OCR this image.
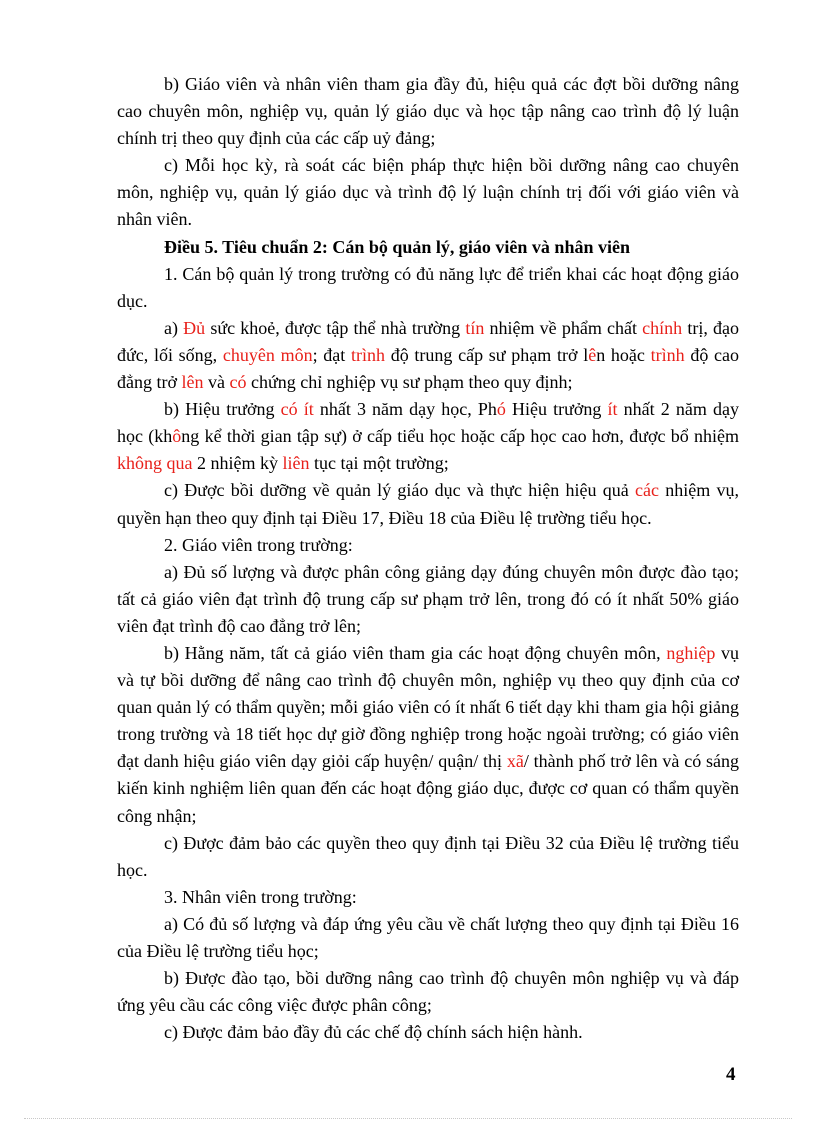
b) Giáo viên và nhân viên tham gia đầy đủ, hiệu quả các đợt bồi dưỡng nâng cao chuyên môn, nghiệp vụ, quản lý giáo dục và học tập nâng cao trình độ lý luận chính trị theo quy định của các cấp uỷ đảng;

c) Mỗi học kỳ, rà soát các biện pháp thực hiện bồi dưỡng nâng cao chuyên môn, nghiệp vụ, quản lý giáo dục và trình độ lý luận chính trị đối với giáo viên và nhân viên.

Điều 5. Tiêu chuẩn 2: Cán bộ quản lý, giáo viên và nhân viên

1. Cán bộ quản lý trong trường có đủ năng lực để triển khai các hoạt động giáo dục.

a) Đủ sức khoẻ, được tập thể nhà trường tín nhiệm về phẩm chất chính trị, đạo đức, lối sống, chuyên môn; đạt trình độ trung cấp sư phạm trở lên hoặc trình độ cao đẳng trở lên và có chứng chỉ nghiệp vụ sư phạm theo quy định;

b) Hiệu trưởng có ít nhất 3 năm dạy học, Phó Hiệu trưởng ít nhất 2 năm dạy học (không kể thời gian tập sự) ở cấp tiểu học hoặc cấp học cao hơn, được bổ nhiệm không qua 2 nhiệm kỳ liên tục tại một trường;

c) Được bồi dưỡng về quản lý giáo dục và thực hiện hiệu quả các nhiệm vụ, quyền hạn theo quy định tại Điều 17, Điều 18 của Điều lệ trường tiểu học.

2. Giáo viên trong trường:

a) Đủ số lượng và được phân công giảng dạy đúng chuyên môn được đào tạo; tất cả giáo viên đạt trình độ trung cấp sư phạm trở lên, trong đó có ít nhất 50% giáo viên đạt trình độ cao đẳng trở lên;

b) Hằng năm, tất cả giáo viên tham gia các hoạt động chuyên môn, nghiệp vụ và tự bồi dưỡng để nâng cao trình độ chuyên môn, nghiệp vụ theo quy định của cơ quan quản lý có thẩm quyền; mỗi giáo viên có ít nhất 6 tiết dạy khi tham gia hội giảng trong trường và 18 tiết học dự giờ đồng nghiệp trong hoặc ngoài trường; có giáo viên đạt danh hiệu giáo viên dạy giỏi cấp huyện/ quận/ thị xã/ thành phố trở lên và có sáng kiến kinh nghiệm liên quan đến các hoạt động giáo dục, được cơ quan có thẩm quyền công nhận;

c) Được đảm bảo các quyền theo quy định tại Điều 32 của Điều lệ trường tiểu học.

3. Nhân viên trong trường:

a) Có đủ số lượng và đáp ứng yêu cầu về chất lượng theo quy định tại Điều 16 của Điều lệ trường tiểu học;

b) Được đào tạo, bồi dưỡng nâng cao trình độ chuyên môn nghiệp vụ và đáp ứng yêu cầu các công việc được phân công;

c) Được đảm bảo đầy đủ các chế độ chính sách hiện hành.

4
